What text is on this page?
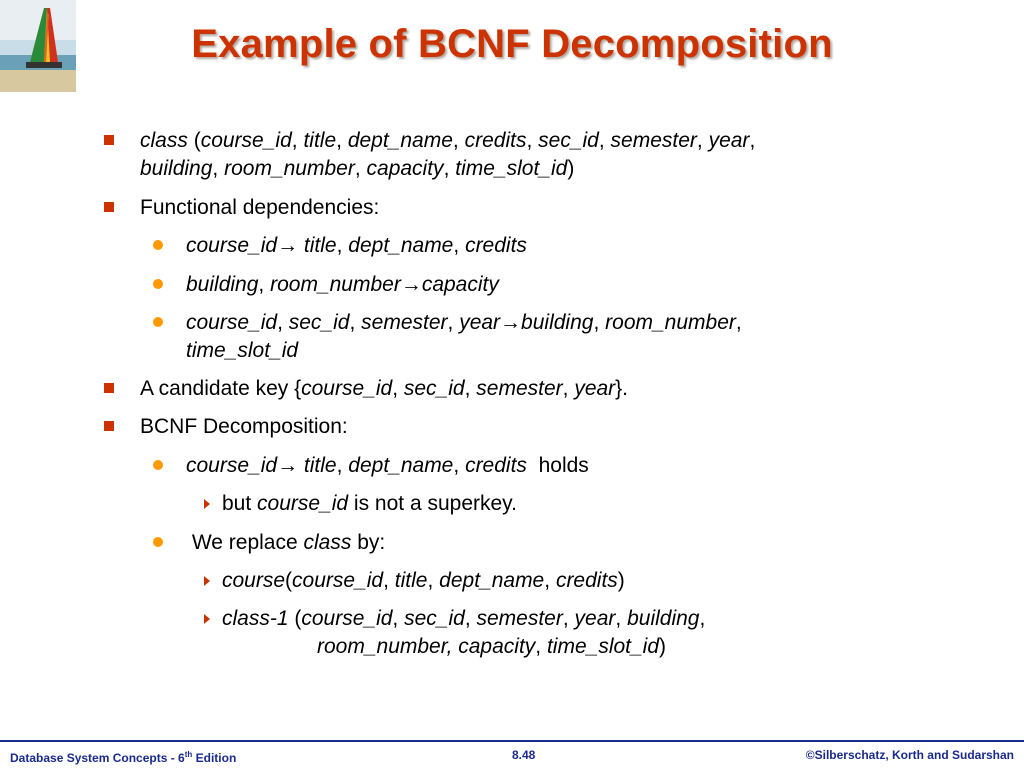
Example of BCNF Decomposition
class (course_id, title, dept_name, credits, sec_id, semester, year,
building, room_number, capacity, time_slot_id)
Functional dependencies:
course_id→ title, dept_name, credits
building, room_number→capacity
course_id, sec_id, semester, year→building, room_number,
time_slot_id
A candidate key {course_id, sec_id, semester, year}.
BCNF Decomposition:
course_id→ title, dept_name, credits  holds
but course_id is not a superkey.
We replace class by:
course(course_id, title, dept_name, credits)
class-1 (course_id, sec_id, semester, year, building,
room_number, capacity, time_slot_id)
Database System Concepts - 6th Edition	8.48	©Silberschatz, Korth and Sudarshan
